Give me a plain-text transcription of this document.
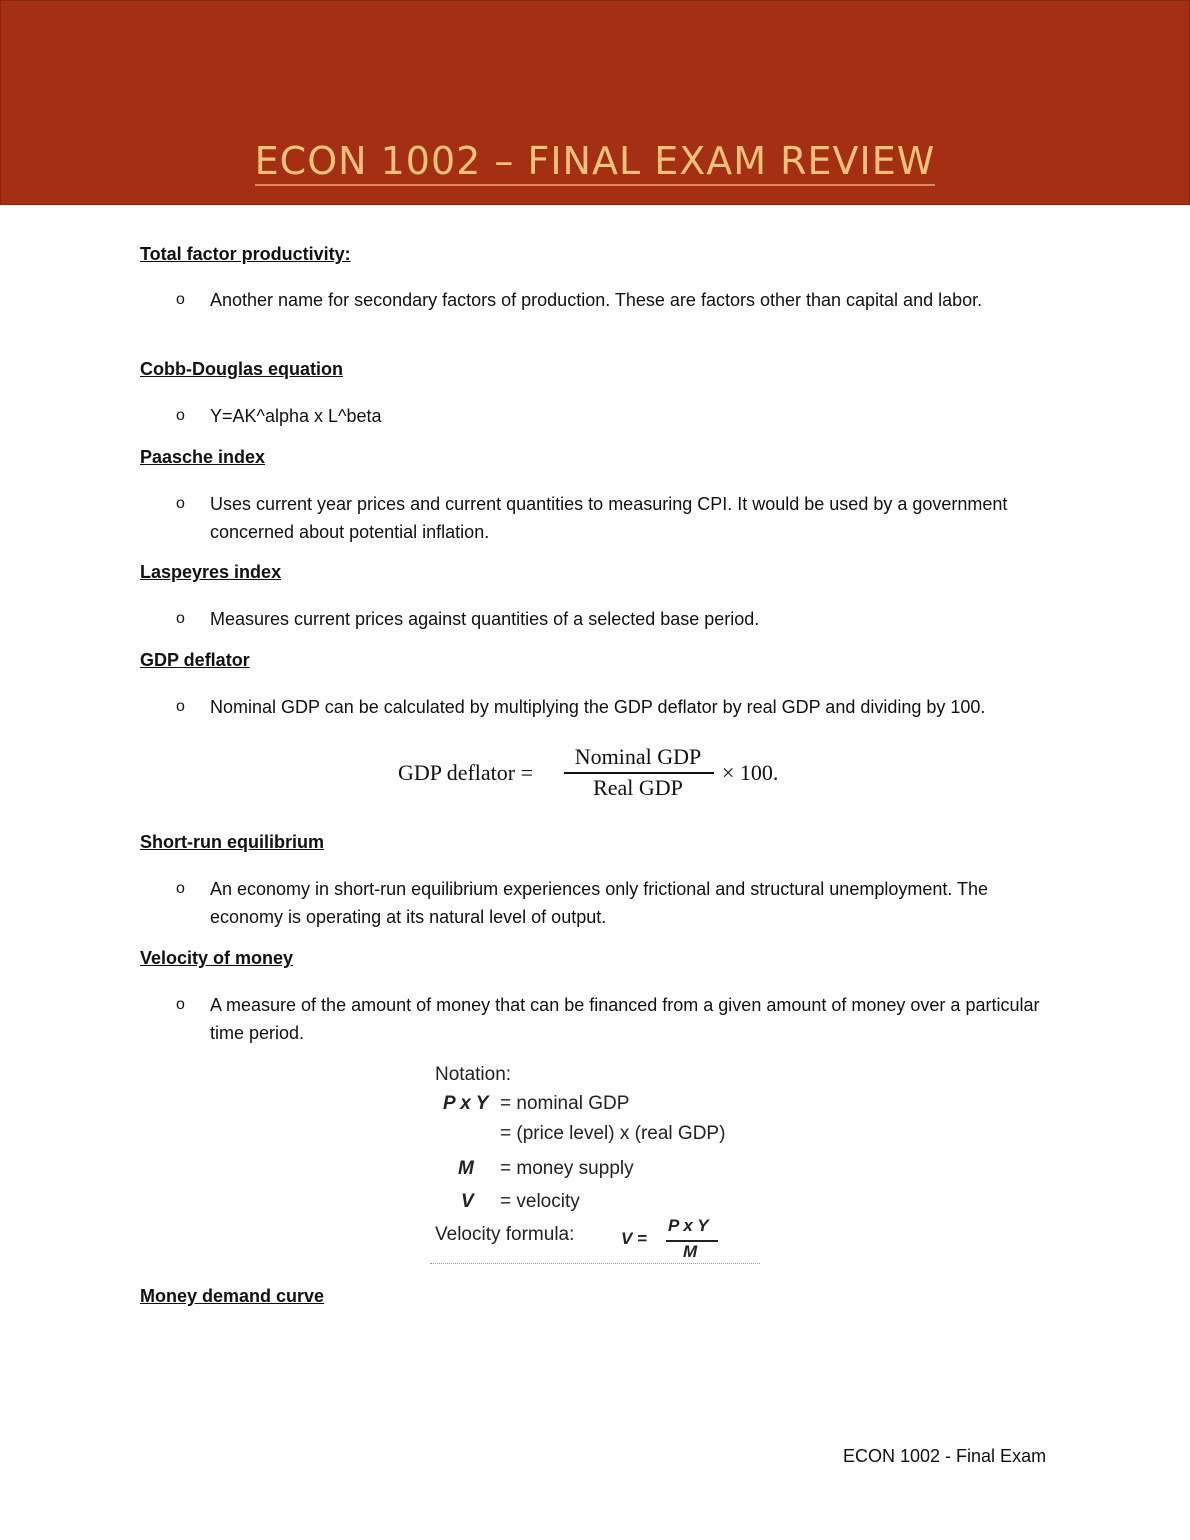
ECON 1002 – FINAL EXAM REVIEW
Total factor productivity:
o	Another name for secondary factors of production. These are factors other than capital and labor.
Cobb-Douglas equation
o	Y=AK^alpha x L^beta
Paasche index
o	Uses current year prices and current quantities to measuring CPI. It would be used by a government concerned about potential inflation.
Laspeyres index
o	Measures current prices against quantities of a selected base period.
GDP deflator
o	Nominal GDP can be calculated by multiplying the GDP deflator by real GDP and dividing by 100.
GDP deflator =
Nominal GDP
Real GDP
× 100.
Short-run equilibrium
o	An economy in short-run equilibrium experiences only frictional and structural unemployment. The economy is operating at its natural level of output.
Velocity of money
o	A measure of the amount of money that can be financed from a given amount of money over a particular time period.
Notation:
P x Y = nominal GDP
= (price level) x (real GDP)
M = money supply
V = velocity
Velocity formula:	V =
P x Y
M
Money demand curve
ECON 1002 - Final Exam
